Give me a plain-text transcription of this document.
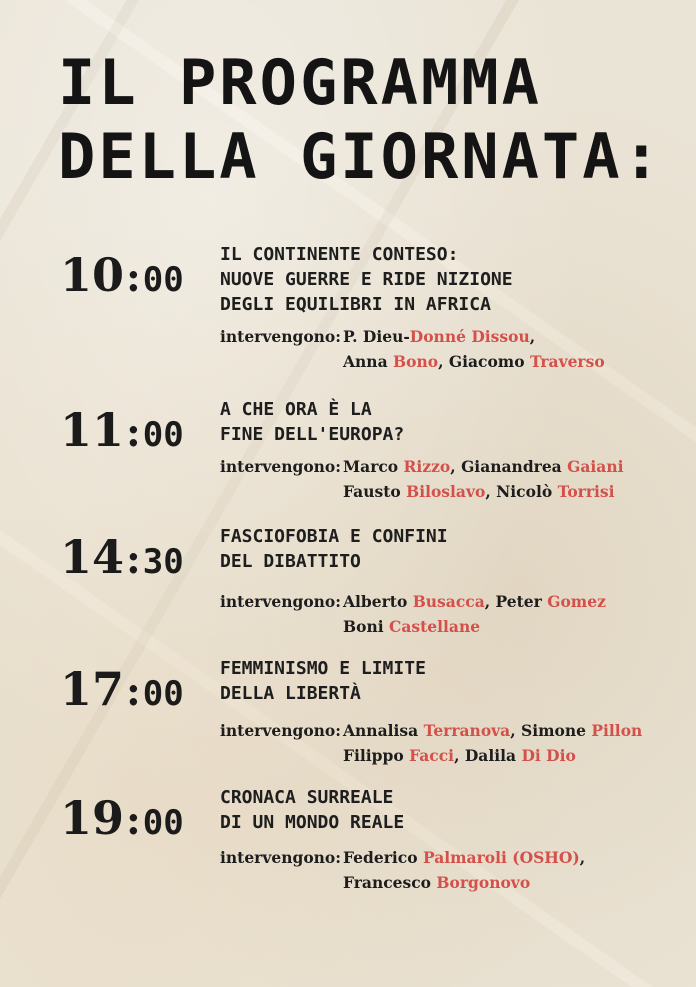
IL PROGRAMMA
DELLA GIORNATA:
10:00
IL CONTINENTE CONTESO:
NUOVE GUERRE E RIDE NIZIONE
DEGLI EQUILIBRI IN AFRICA
intervengono: P. Dieu-Donné Dissou,
Anna Bono, Giacomo Traverso
11:00
A CHE ORA È LA
FINE DELL'EUROPA?
intervengono: Marco Rizzo, Gianandrea Gaiani
Fausto Biloslavo, Nicolò Torrisi
14:30
FASCIOFOBIA E CONFINI
DEL DIBATTITO
intervengono: Alberto Busacca, Peter Gomez
Boni Castellane
17:00
FEMMINISMO E LIMITE
DELLA LIBERTÀ
intervengono: Annalisa Terranova, Simone Pillon
Filippo Facci, Dalila Di Dio
19:00
CRONACA SURREALE
DI UN MONDO REALE
intervengono: Federico Palmaroli (OSHO),
Francesco Borgonovo
